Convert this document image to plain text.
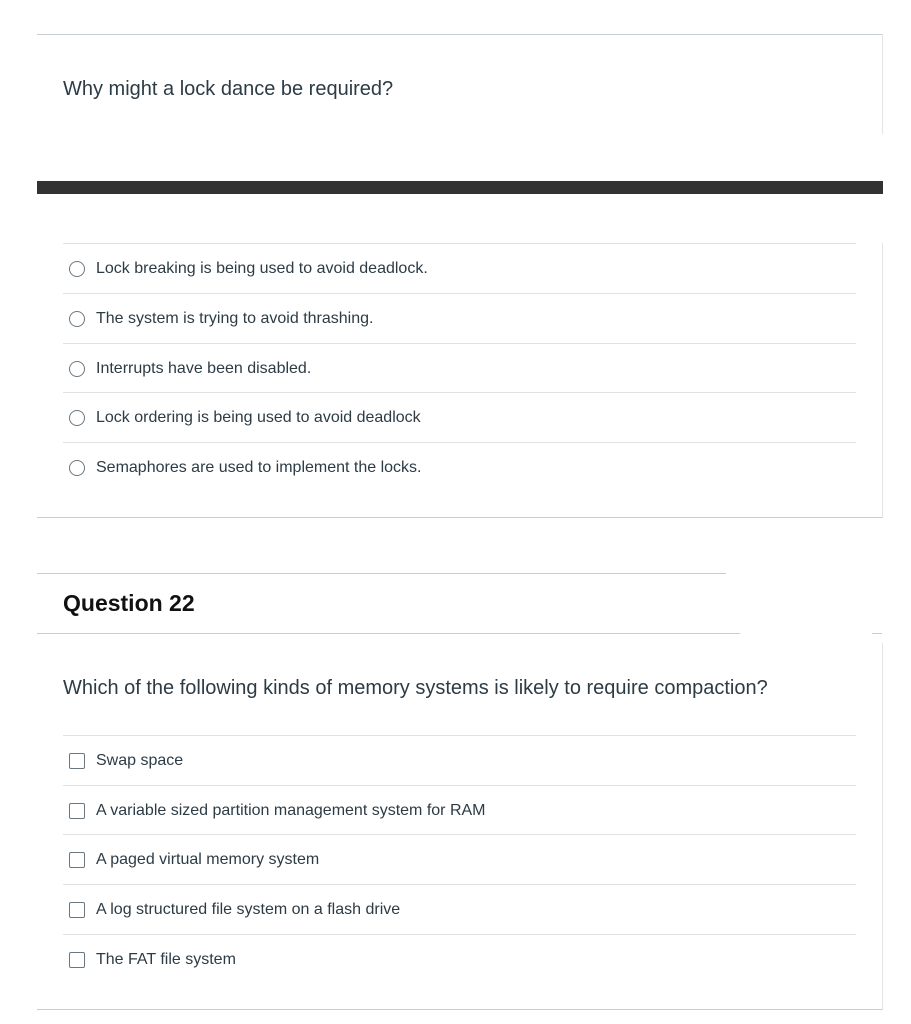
Why might a lock dance be required?
Lock breaking is being used to avoid deadlock.
The system is trying to avoid thrashing.
Interrupts have been disabled.
Lock ordering is being used to avoid deadlock
Semaphores are used to implement the locks.
Question 22
Which of the following kinds of memory systems is likely to require compaction?
Swap space
A variable sized partition management system for RAM
A paged virtual memory system
A log structured file system on a flash drive
The FAT file system
